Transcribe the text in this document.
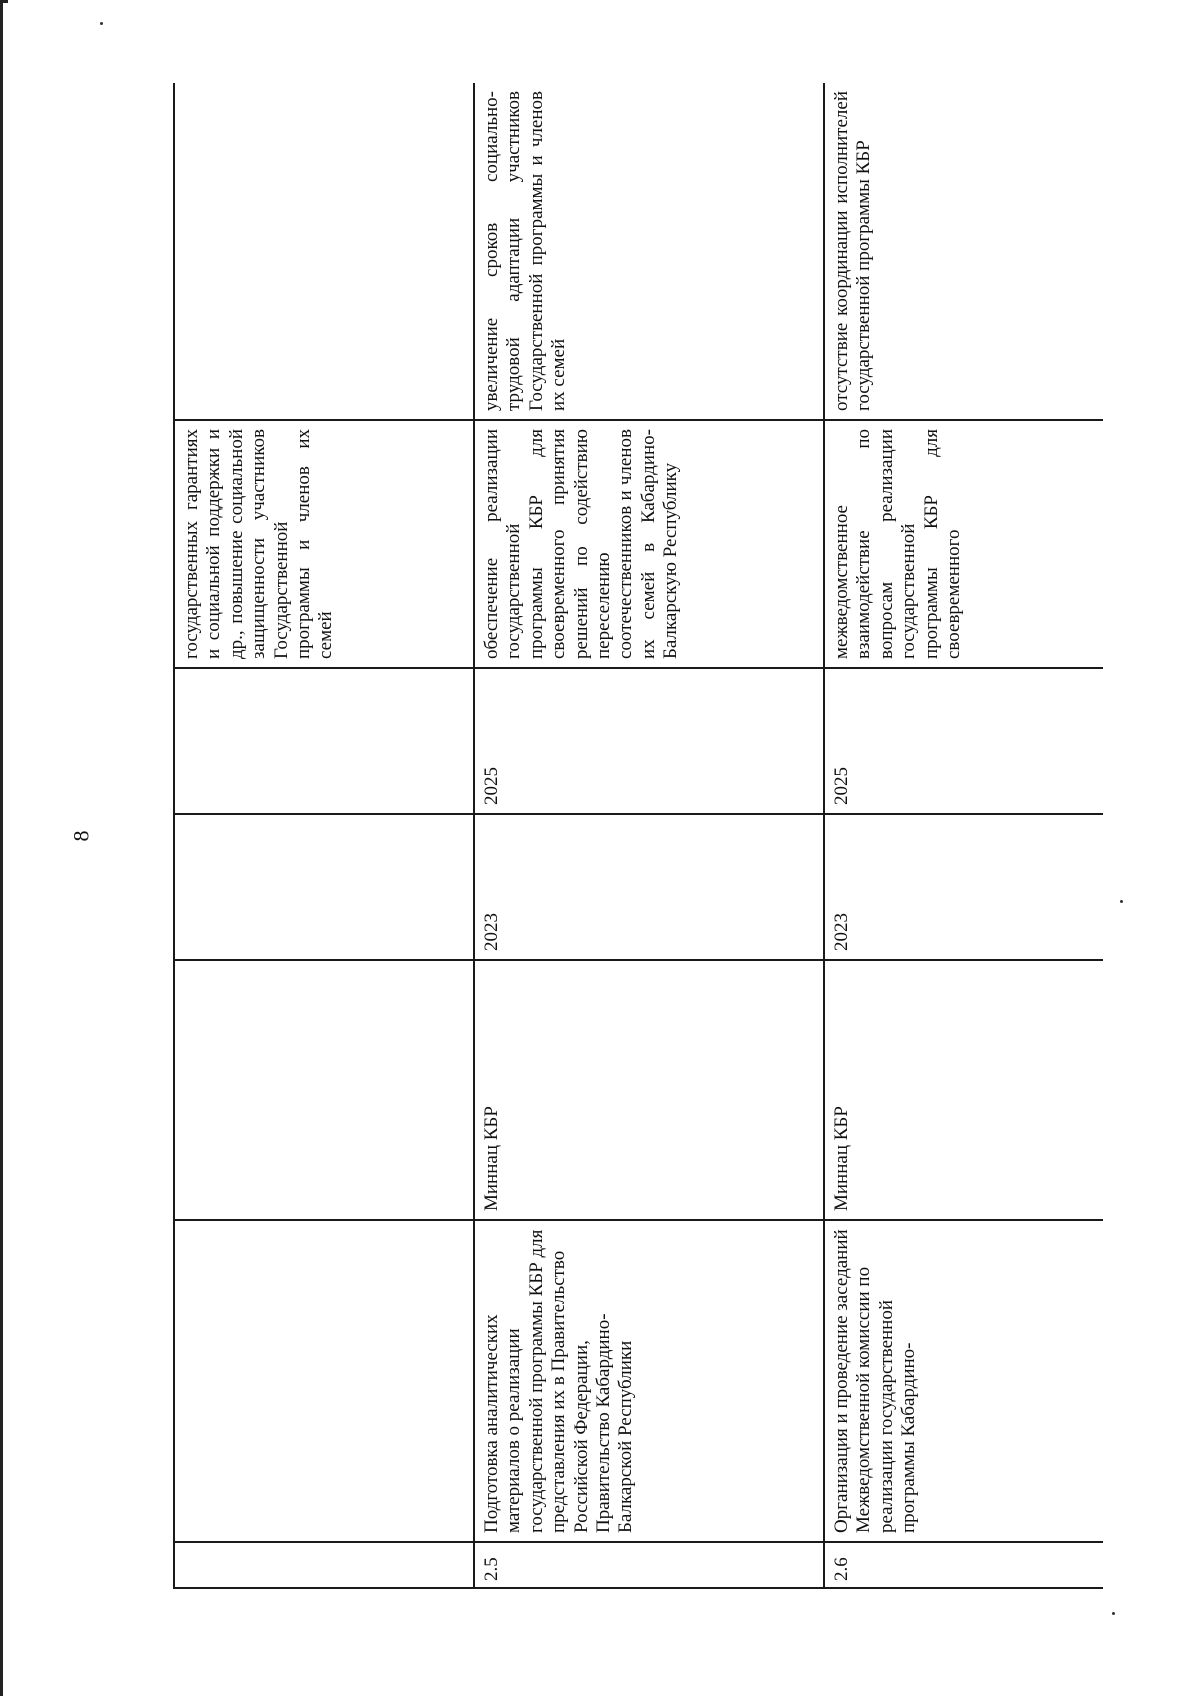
8
					государственных гарантиях и социальной поддержки и др., повышение социальной защищенности участников Государственной программы и членов их семей	
2.5	Подготовка аналитических материалов о реализации государственной программы КБР для представления их в Правительство Российской Федерации, Правительство Кабардино-Балкарской Республики	Миннац КБР	2023	2025	обеспечение реализации государственной программы КБР для своевременного принятия решений по содействию переселению соотечественников и членов их семей в Кабардино-Балкарскую Республику	увеличение сроков социально-трудовой адаптации участников Государственной программы и членов их семей
2.6	Организация и проведение заседаний Межведомственной комиссии по реализации государственной программы Кабардино-	Миннац КБР	2023	2025	межведомственное взаимодействие по вопросам реализации государственной программы КБР для своевременного	отсутствие координации исполнителей государственной программы КБР
